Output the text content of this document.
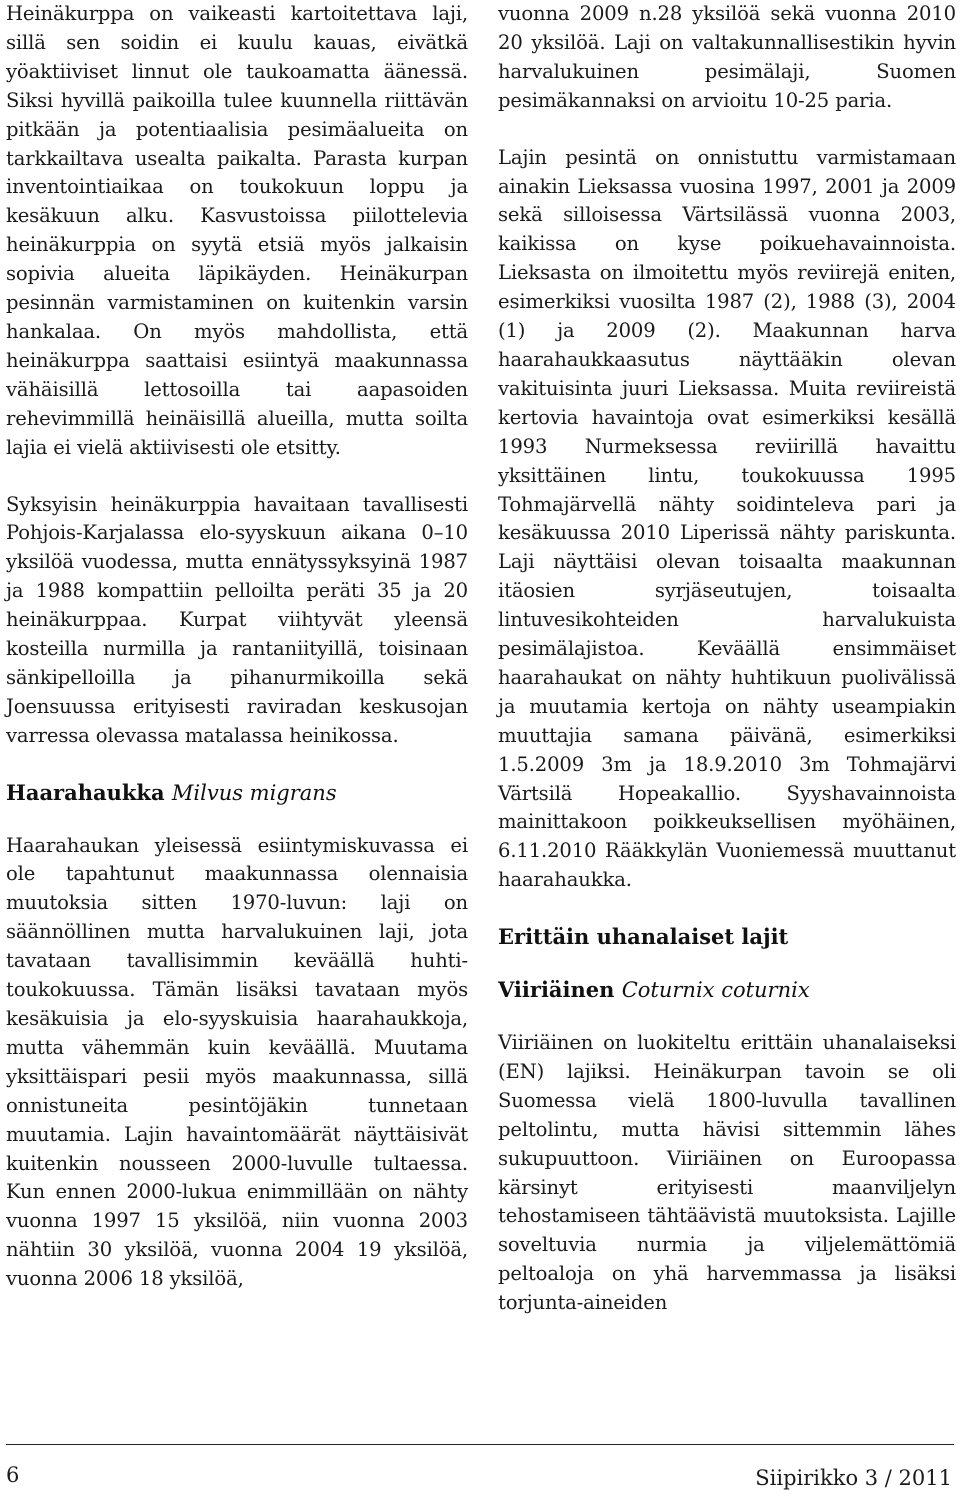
Heinäkurppa on vaikeasti kartoitettava laji, sillä sen soidin ei kuulu kauas, eivätkä yöaktiiviset linnut ole taukoamatta äänessä. Siksi hyvillä paikoilla tulee kuunnella riittävän pitkään ja potentiaalisia pesimäalueita on tarkkailtava usealta paikalta. Parasta kurpan inventointiaikaa on toukokuun loppu ja kesäkuun alku. Kasvustoissa piilottelevia heinäkurppia on syytä etsiä myös jalkaisin sopivia alueita läpikäyden. Heinäkurpan pesinnän varmistaminen on kuitenkin varsin hankalaa. On myös mahdollista, että heinäkurppa saattaisi esiintyä maakunnassa vähäisillä lettosoilla tai aapasoiden rehevimmillä heinäisillä alueilla, mutta soilta lajia ei vielä aktiivisesti ole etsitty.

Syksyisin heinäkurppia havaitaan tavallisesti Pohjois-Karjalassa elo-syyskuun aikana 0–10 yksilöä vuodessa, mutta ennätyssyksyinä 1987 ja 1988 kompattiin pelloilta peräti 35 ja 20 heinäkurppaa. Kurpat viihtyvät yleensä kosteilla nurmilla ja rantaniityillä, toisinaan sänkipelloilla ja pihanurmikoilla sekä Joensuussa erityisesti raviradan keskusojan varressa olevassa matalassa heinikossa.

Haarahaukka Milvus migrans

Haarahaukan yleisessä esiintymiskuvassa ei ole tapahtunut maakunnassa olennaisia muutoksia sitten 1970-luvun: laji on säännöllinen mutta harvalukuinen laji, jota tavataan tavallisimmin keväällä huhti-toukokuussa. Tämän lisäksi tavataan myös kesäkuisia ja elo-syyskuisia haarahaukkoja, mutta vähemmän kuin keväällä. Muutama yksittäispari pesii myös maakunnassa, sillä onnistuneita pesintöjäkin tunnetaan muutamia. Lajin havaintomäärät näyttäisivät kuitenkin nousseen 2000-luvulle tultaessa. Kun ennen 2000-lukua enimmillään on nähty vuonna 1997 15 yksilöä, niin vuonna 2003 nähtiin 30 yksilöä, vuonna 2004 19 yksilöä, vuonna 2006 18 yksilöä,

vuonna 2009 n.28 yksilöä sekä vuonna 2010 20 yksilöä. Laji on valtakunnallisestikin hyvin harvalukuinen pesimälaji, Suomen pesimäkannaksi on arvioitu 10-25 paria.

Lajin pesintä on onnistuttu varmistamaan ainakin Lieksassa vuosina 1997, 2001 ja 2009 sekä silloisessa Värtsilässä vuonna 2003, kaikissa on kyse poikuehavainnoista. Lieksasta on ilmoitettu myös reviirejä eniten, esimerkiksi vuosilta 1987 (2), 1988 (3), 2004 (1) ja 2009 (2). Maakunnan harva haarahaukkaasutus näyttääkin olevan vakituisinta juuri Lieksassa. Muita reviireistä kertovia havaintoja ovat esimerkiksi kesällä 1993 Nurmeksessa reviirillä havaittu yksittäinen lintu, toukokuussa 1995 Tohmajärvellä nähty soidinteleva pari ja kesäkuussa 2010 Liperissä nähty pariskunta. Laji näyttäisi olevan toisaalta maakunnan itäosien syrjäseutujen, toisaalta lintuvesikohteiden harvalukuista pesimälajistoa. Keväällä ensimmäiset haarahaukat on nähty huhtikuun puolivälissä ja muutamia kertoja on nähty useampiakin muuttajia samana päivänä, esimerkiksi 1.5.2009 3m ja 18.9.2010 3m Tohmajärvi Värtsilä Hopeakallio. Syyshavainnoista mainittakoon poikkeuksellisen myöhäinen, 6.11.2010 Rääkkylän Vuoniemessä muuttanut haarahaukka.

Erittäin uhanalaiset lajit
Viiriäinen Coturnix coturnix

Viiriäinen on luokiteltu erittäin uhanalaiseksi (EN) lajiksi. Heinäkurpan tavoin se oli Suomessa vielä 1800-luvulla tavallinen peltolintu, mutta hävisi sittemmin lähes sukupuuttoon. Viiriäinen on Euroopassa kärsinyt erityisesti maanviljelyn tehostamiseen tähtäävistä muutoksista. Lajille soveltuvia nurmia ja viljelemättömiä peltoaloja on yhä harvemmassa ja lisäksi torjunta-aineiden

6	Siipirikko 3 / 2011
